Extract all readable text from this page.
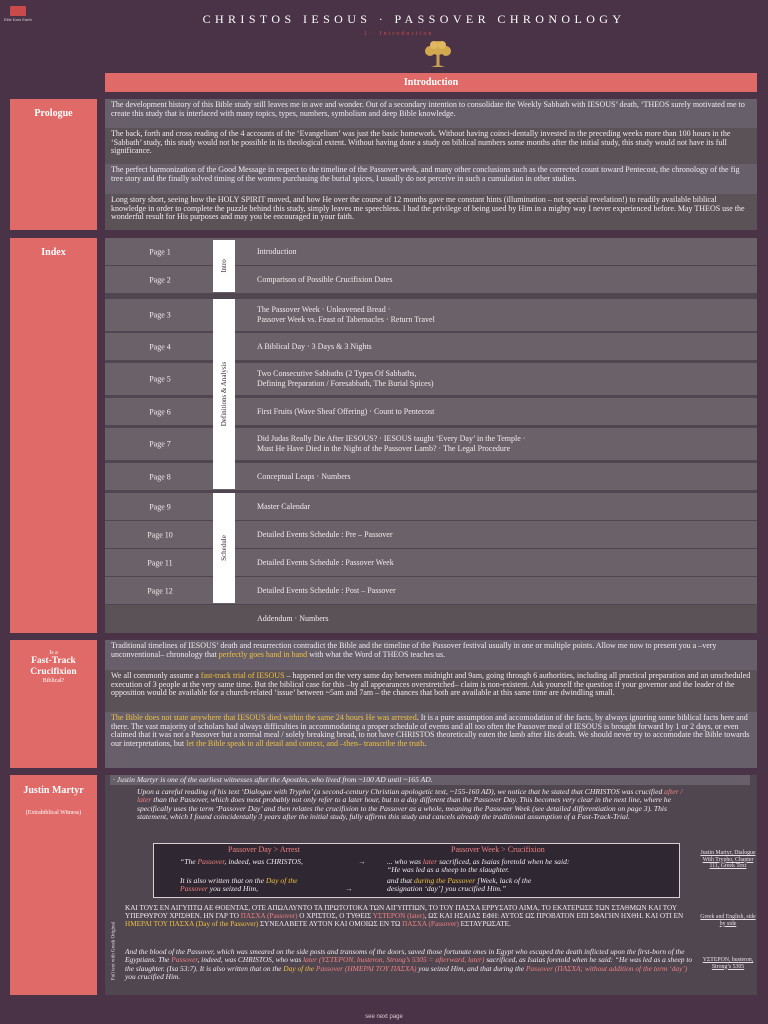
Elite Ears Earth	CHRISTOS IESOUS · PASSOVER CHRONOLOGY
I · Introduction
Introduction
Prologue
The development history of this Bible study still leaves me in awe and wonder. Out of a secondary intention to consolidate the Weekly Sabbath with IESOUS’ death, ‘THEOS surely motivated me to create this study that is interlaced with many topics, types, numbers, symbolism and deep Bible knowledge.
The back, forth and cross reading of the 4 accounts of the ‘Evangelium’ was just the basic homework. Without having coinci-dentally invested in the preceding weeks more than 100 hours in the ‘Sabbath’ study, this study would not be possible in its theological extent. Without having done a study on biblical numbers some months after the initial study, this study would not have its full significance.
The perfect harmonization of the Good Message in respect to the timeline of the Passover week, and many other conclusions such as the corrected count toward Pentecost, the chronology of the fig tree story and the finally solved timing of the women purchasing the burial spices, I usually do not perceive in such a cumulation in other studies.
Long story short, seeing how the HOLY SPIRIT moved, and how He over the course of 12 months gave me constant hints (illumination – not special revelation!) to readily available biblical knowledge in order to complete the puzzle behind this study, simply leaves me speechless. I had the privilege of being used by Him in a mighty way I never experienced before. May THEOS use the wonderful result for His purposes and may you be encouraged in your faith.
Index	Page 1	Introduction
Page 2	Comparison of Possible Crucifixion Dates
Page 3
The Passover Week · Unleavened Bread ·
Passover Week vs. Feast of Tabernacles · Return Travel
Page 4	A Biblical Day · 3 Days & 3 Nights
Page 5
Two Consecutive Sabbaths (2 Types Of Sabbaths,
Defining Preparation / Foresabbath, The Burial Spices)
Page 6	First Fruits (Wave Sheaf Offering) · Count to Pentecost
Page 7
Did Judas Really Die After IESOUS? · IESOUS taught ‘Every Day’ in the Temple ·
Must He Have Died in the Night of the Passover Lamb? · The Legal Procedure
Page 8	Conceptual Leaps · Numbers
Page 9	Master Calendar
Page 10	Detailed Events Schedule : Pre – Passover
Page 11	Detailed Events Schedule : Passover Week
Page 12	Detailed Events Schedule : Post – Passover
Addendum · Numbers
Intro
Definitions & Analysis
Schedule
Is a
Fast-Track Crucifixion
Biblical?
Traditional timelines of IESOUS’ death and resurrection contradict the Bible and the timeline of the Passover festival usually in one or multiple points. Allow me now to present you a –very unconventional– chronology that perfectly goes hand in hand with what the Word of THEOS teaches us.
We all commonly assume a fast-track trial of IESOUS – happened on the very same day between midnight and 9am, going through 6 authorities, including all practical preparation and an unscheduled execution of 3 people at the very same time. But the biblical case for this –by all appearances overstretched– claim is non-existent. Ask yourself the question if your governor and the leader of the opposition would be available for a church-related ‘issue’ between ~5am and 7am – the chances that both are available at this same time are dwindling small.
The Bible does not state anywhere that IESOUS died within the same 24 hours He was arrested. It is a pure assumption and accomodation of the facts, by always ignoring some biblical facts here and there. The vast majority of scholars had always difficulties in accommodating a proper schedule of events and all too often the Passover meal of IESOUS is brought forward by 1 or 2 days, or even claimed that it was not a Passover but a normal meal / solely breaking bread, to not have CHRISTOS theoretically eaten the lamb after His death. We should never try to accomodate the Bible towards our interpretations, but let the Bible speak in all detail and context, and –then– transcribe the truth.
Justin Martyr
(Extrabiblical Witness)
· Justin Martyr is one of the earliest witnesses after the Apostles, who lived from ~100 AD until ~165 AD.
Upon a careful reading of his text ‘Dialogue with Trypho’ (a second-century Christian apologetic text, ~155-160 AD), we notice that he stated that CHRISTOS was crucified after / later than the Passover, which does most probably not only refer to a later hour, but to a day different than the Passover Day. This becomes very clear in the next line, where he specifically uses the term ‘Passover Day’ and then relates the crucifixion to the Passover as a whole, meaning the Passover Week (see detailed differentiation on page 3). This statement, which I found coincidentally 3 years after the initial study, fully affirms this study and cancels already the traditional assumption of a Fast-Track-Trial.
Passover Day > Arrest	Passover Week > Crucifixion
“The Passover, indeed, was CHRISTOS,	→	... who was later sacrificed, as Isaias foretold when he said:
“He was led as a sheep to the slaughter.
It is also written that on the Day of the
Passover you seized Him,	→
and that during the Passover [Week, lack of the
designation ‘day’] you crucified Him.”
Full text with Greek Original
ΚΑΙ ΤΟΥΣ ΕΝ ΑΙΓΥΠΤΩ ΑΕ ΘΟΕΝΤΑΣ, ΟΤΕ ΑΠΩΛΛΥΝΤΟ ΤΑ ΠΡΩΤΟΤΟΚΑ ΤΩΝ ΑΙΓΥΠΤΙΩΝ, ΤΟ ΤΟΥ ΠΑΣΧΑ ΕΡΡΥΣΑΤΟ ΑΙΜΑ, ΤΟ ΕΚΑΤΕΡΩΣΕ ΤΩΝ ΣΤΑΘΜΩΝ ΚΑΙ ΤΟΥ ΥΠΕΡΘΥΡΟΥ ΧΡΙΣΘΕΝ. ΗΝ ΓΑΡ ΤΟ ΠΑΣΧΑ (Passover) Ο ΧΡΙΣΤΟΣ, Ο ΤΥΘΕΙΣ ΥΣΤΕΡΟΝ (later), ΩΣ ΚΑΙ ΗΣΑΙΑΣ ΕΦΗ: ΑΥΤΟΣ ΩΣ ΠΡΟΒΑΤΟΝ ΕΠΙ ΣΦΑΓΗΝ ΗΧΘΗ. ΚΑΙ ΟΤΙ ΕΝ ΗΜΕΡΑΙ ΤΟΥ ΠΑΣΧΑ (Day of the Passover) ΣΥΝΕΛΑΒΕΤΕ ΑΥΤΟΝ ΚΑΙ ΟΜΟΙΩΣ ΕΝ ΤΩ ΠΑΣΧΑ (Passover) ΕΣΤΑΥΡΩΣΑΤΕ.
And the blood of the Passover, which was smeared on the side posts and transoms of the doors, saved those fortunate ones in Egypt who escaped the death inflicted upon the first-born of the Egyptians. The Passover, indeed, was CHRISTOS, who was later (ΥΣΤΕΡΟΝ, husteron, Strong’s 5305 = afterward, later) sacrificed, as Isaias foretold when he said: “He was led as a sheep to the slaughter. (Isa 53:7). It is also written that on the Day of the Passover (ΗΜΕΡΑΙ ΤΟΥ ΠΑΣΧΑ) you seized Him, and that during the Passover (ΠΑΣΧΑ; without addition of the term ‘day’) you crucified Him.
Justin Martyr, Dialogue With Trypho, Chapter 111, Greek Text
Greek and English, side by side
ΥΣΤΕΡΟΝ, husteron, Strong’s 5305
see next page
